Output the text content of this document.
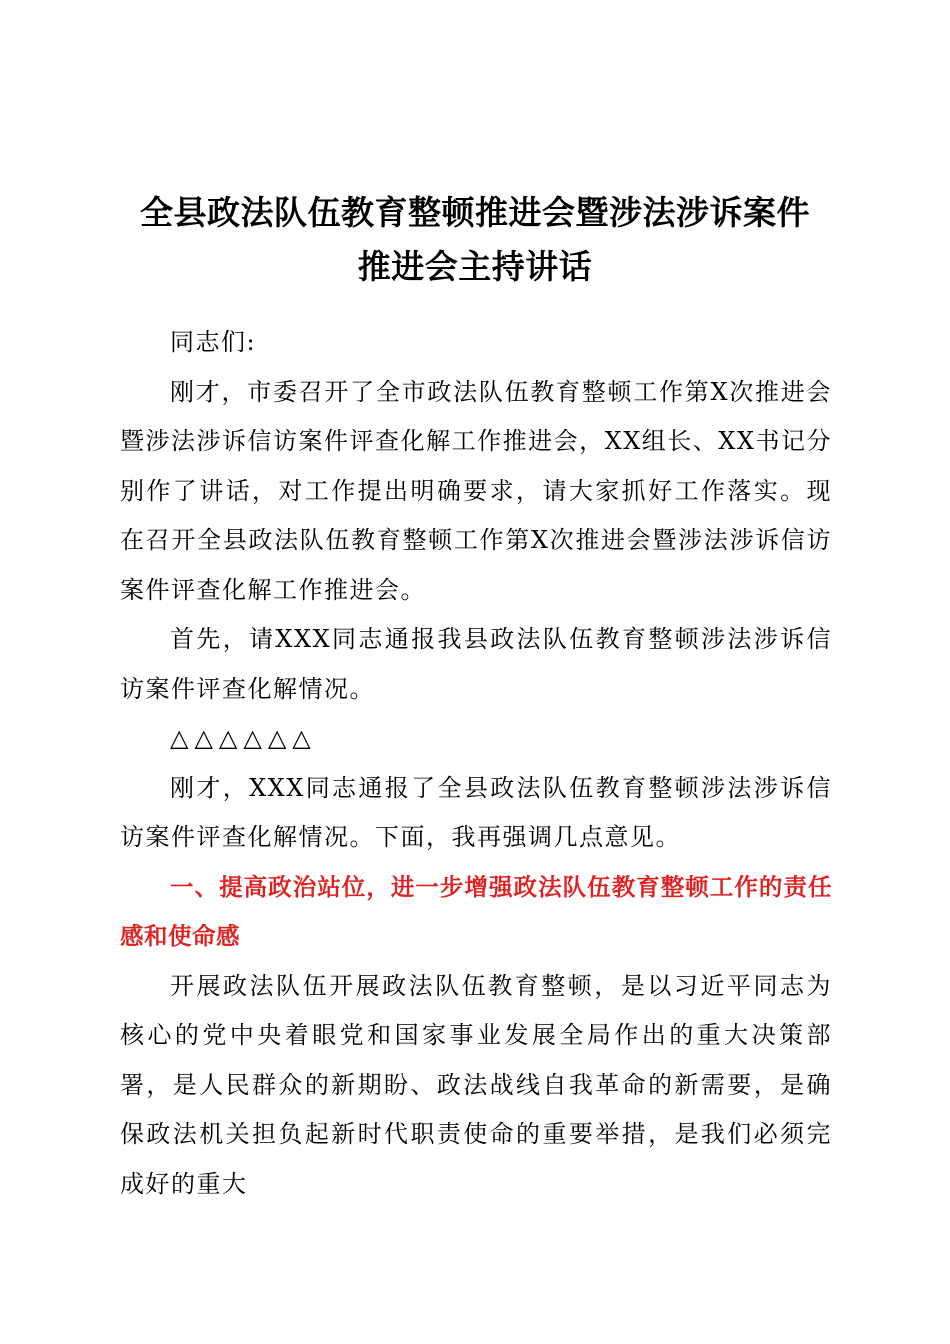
全县政法队伍教育整顿推进会暨涉法涉诉案件
推进会主持讲话

同志们:

刚才，市委召开了全市政法队伍教育整顿工作第X次推进会暨涉法涉诉信访案件评查化解工作推进会，XX组长、XX书记分别作了讲话，对工作提出明确要求，请大家抓好工作落实。现在召开全县政法队伍教育整顿工作第X次推进会暨涉法涉诉信访案件评查化解工作推进会。

首先，请XXX同志通报我县政法队伍教育整顿涉法涉诉信访案件评查化解情况。

△△△△△△

刚才，XXX同志通报了全县政法队伍教育整顿涉法涉诉信访案件评查化解情况。下面，我再强调几点意见。

一、提高政治站位，进一步增强政法队伍教育整顿工作的责任感和使命感

开展政法队伍开展政法队伍教育整顿，是以习近平同志为核心的党中央着眼党和国家事业发展全局作出的重大决策部署，是人民群众的新期盼、政法战线自我革命的新需要，是确保政法机关担负起新时代职责使命的重要举措，是我们必须完成好的重大
